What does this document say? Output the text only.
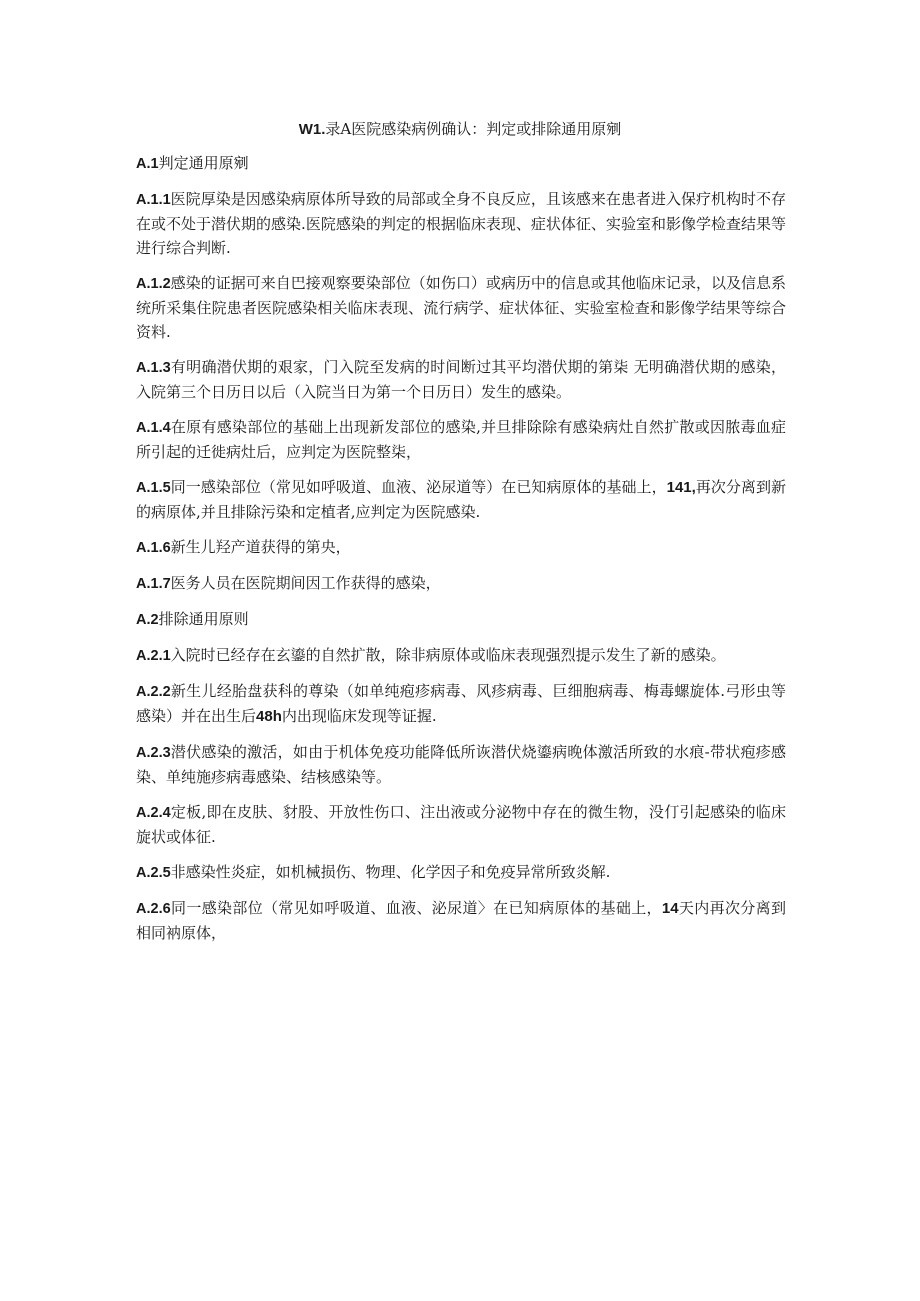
W1.录A医院感染病例确认：判定或排除通用原剜

A.1判定通用原剜

A.1.1医院厚染是因感染病原体所导致的局部或全身不良反应，且该感来在患者进入保疗机构时不存在或不处于潜伏期的感染.医院感染的判定的根据临床表现、症状体征、实验室和影像学检查结果等进行综合判断.

A.1.2感染的证据可来自巴接观察要染部位（如伤口）或病历中的信息或其他临床记录，以及信息系统所采集住院患者医院感染相关临床表现、流行病学、症状体征、实验室检查和影像学结果等综合资料.

A.1.3有明确潜伏期的艰家，门入院至发病的时间断过其平均潜伏期的第柒 无明确潜伏期的感染，入院第三个日历日以后（入院当日为第一个日历日）发生的感染。

A.1.4在原有感染部位的基础上出现新发部位的感染,并旦排除除有感染病灶自然扩散或因脓毒血症所引起的迁徙病灶后，应判定为医院整柒，

A.1.5同一感染部位（常见如呼吸道、血液、泌尿道等）在已知病原体的基础上，141,再次分离到新的病原体,并且排除污染和定植者,应判定为医院感染.

A.1.6新生儿羟产道获得的第央，

A.1.7医务人员在医院期间因工作获得的感染，

A.2排除通用原则

A.2.1入院时已经存在玄鎏的自然扩散，除非病原体或临床表现强烈提示发生了新的感染。

A.2.2新生儿经胎盘获科的尊染（如单纯疱疹病毒、风疹病毒、巨细胞病毒、梅毒螺旋体.弓形虫等感染）并在出生后48h内出现临床发现等证握.

A.2.3潜伏感染的激活，如由于机体免疫功能降低所诙潜伏烧鎏病晚体激活所致的水痕-带状疱疹感染、单纯施疹病毒感染、结核感染等。

A.2.4定板,即在皮肤、豺股、开放性伤口、注出液或分泌物中存在的微生物，没仃引起感染的临床旋状或体征.

A.2.5非感染性炎症，如机械损伤、物理、化学因子和免疫异常所致炎解.

A.2.6同一感染部位（常见如呼吸道、血液、泌尿道〉在已知病原体的基础上，14天内再次分离到相同衲原体，
